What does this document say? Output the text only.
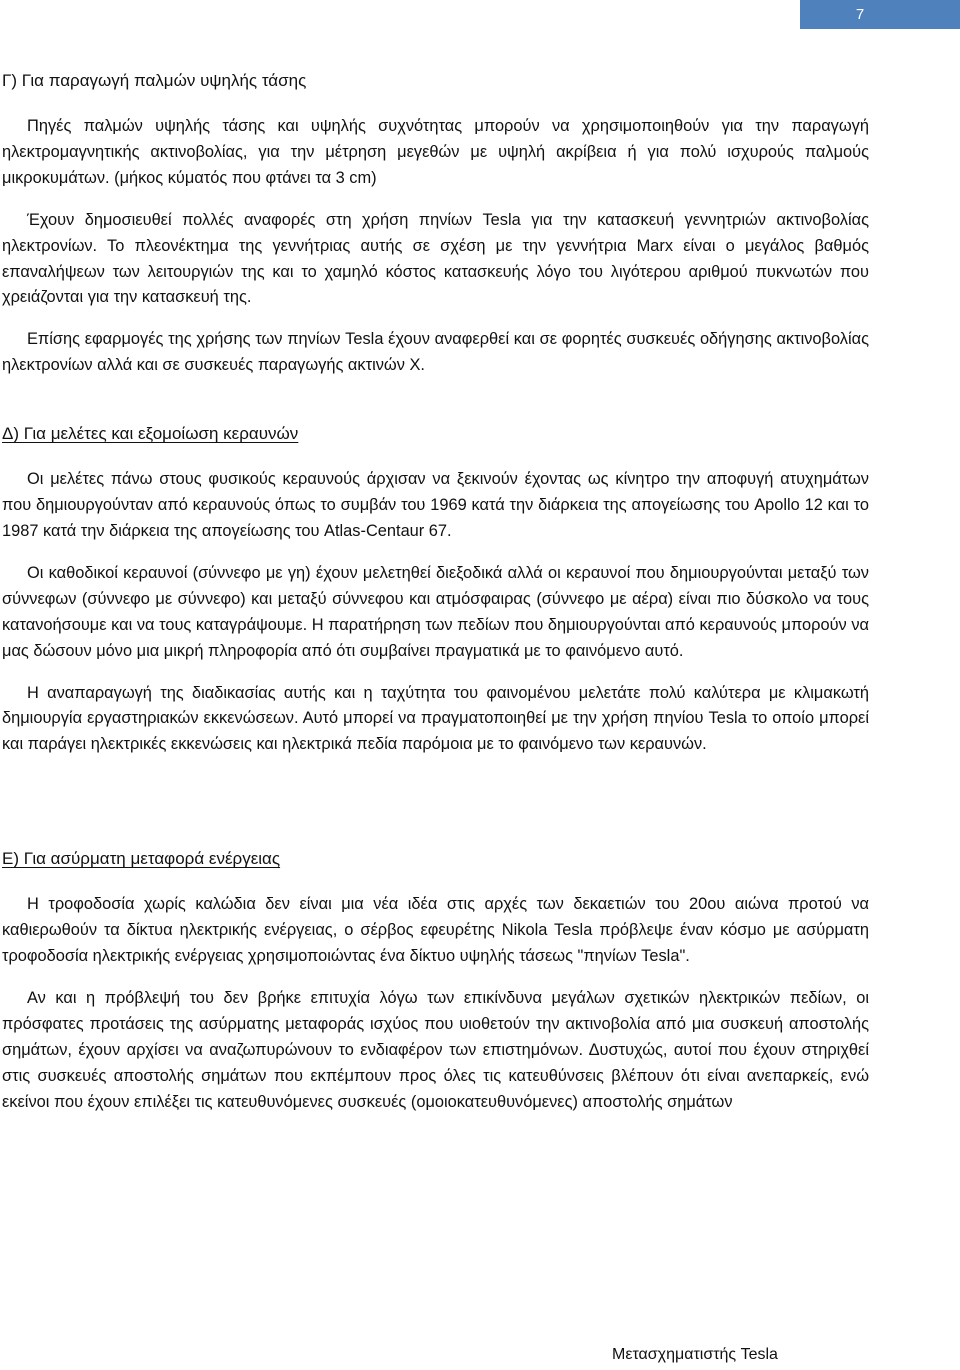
7
Γ) Για παραγωγή παλμών υψηλής τάσης

Πηγές παλμών υψηλής τάσης και υψηλής συχνότητας μπορούν να χρησιμοποιηθούν για την παραγωγή ηλεκτρομαγνητικής ακτινοβολίας, για την μέτρηση μεγεθών με υψηλή ακρίβεια ή για πολύ ισχυρούς παλμούς μικροκυμάτων. (μήκος κύματός που φτάνει τα 3 cm)

Έχουν δημοσιευθεί πολλές αναφορές στη χρήση πηνίων Tesla για την κατασκευή γεννητριών ακτινοβολίας ηλεκτρονίων. Το πλεονέκτημα της γεννήτριας αυτής σε σχέση με την γεννήτρια Marx είναι ο μεγάλος βαθμός επαναλήψεων των λειτουργιών της και το χαμηλό κόστος κατασκευής λόγο του λιγότερου αριθμού πυκνωτών που χρειάζονται για την κατασκευή της.

Επίσης εφαρμογές της χρήσης των πηνίων Tesla έχουν αναφερθεί και σε φορητές συσκευές οδήγησης ακτινοβολίας ηλεκτρονίων αλλά και σε συσκευές παραγωγής ακτινών Χ.

Δ) Για μελέτες και εξομοίωση κεραυνών

Οι μελέτες πάνω στους φυσικούς κεραυνούς άρχισαν να ξεκινούν έχοντας ως κίνητρο την αποφυγή ατυχημάτων που δημιουργούνταν από κεραυνούς όπως το συμβάν του 1969 κατά την διάρκεια της απογείωσης του Apollo 12 και το 1987 κατά την διάρκεια της απογείωσης του Atlas-Centaur 67.

Οι καθοδικοί κεραυνοί (σύννεφο με γη) έχουν μελετηθεί διεξοδικά αλλά οι κεραυνοί που δημιουργούνται μεταξύ των σύννεφων (σύννεφο με σύννεφο) και μεταξύ σύννεφου και ατμόσφαιρας (σύννεφο με αέρα) είναι πιο δύσκολο να τους κατανοήσουμε και να τους καταγράψουμε. Η παρατήρηση των πεδίων που δημιουργούνται από κεραυνούς μπορούν να μας δώσουν μόνο μια μικρή πληροφορία από ότι συμβαίνει πραγματικά με το φαινόμενο αυτό.

Η αναπαραγωγή της διαδικασίας αυτής και η ταχύτητα του φαινομένου μελετάτε πολύ καλύτερα με κλιμακωτή δημιουργία εργαστηριακών εκκενώσεων. Αυτό μπορεί να πραγματοποιηθεί με την χρήση πηνίου Tesla το οποίο μπορεί και παράγει ηλεκτρικές εκκενώσεις και ηλεκτρικά πεδία παρόμοια με το φαινόμενο των κεραυνών.

Ε) Για ασύρματη μεταφορά ενέργειας

Η τροφοδοσία χωρίς καλώδια δεν είναι μια νέα ιδέα στις αρχές των δεκαετιών του 20ου αιώνα προτού να καθιερωθούν τα δίκτυα ηλεκτρικής ενέργειας, ο σέρβος εφευρέτης Nikola Tesla πρόβλεψε έναν κόσμο με ασύρματη τροφοδοσία ηλεκτρικής ενέργειας χρησιμοποιώντας ένα δίκτυο υψηλής τάσεως "πηνίων Tesla".

Αν και η πρόβλεψή του δεν βρήκε επιτυχία λόγω των επικίνδυνα μεγάλων σχετικών ηλεκτρικών πεδίων, οι πρόσφατες προτάσεις της ασύρματης μεταφοράς ισχύος που υιοθετούν την ακτινοβολία από μια συσκευή αποστολής σημάτων, έχουν αρχίσει να αναζωπυρώνουν το ενδιαφέρον των επιστημόνων. Δυστυχώς, αυτοί που έχουν στηριχθεί στις συσκευές αποστολής σημάτων που εκπέμπουν προς όλες τις κατευθύνσεις βλέπουν ότι είναι ανεπαρκείς, ενώ εκείνοι που έχουν επιλέξει τις κατευθυνόμενες συσκευές (ομοιοκατευθυνόμενες) αποστολής σημάτων

Μετασχηματιστής Tesla
